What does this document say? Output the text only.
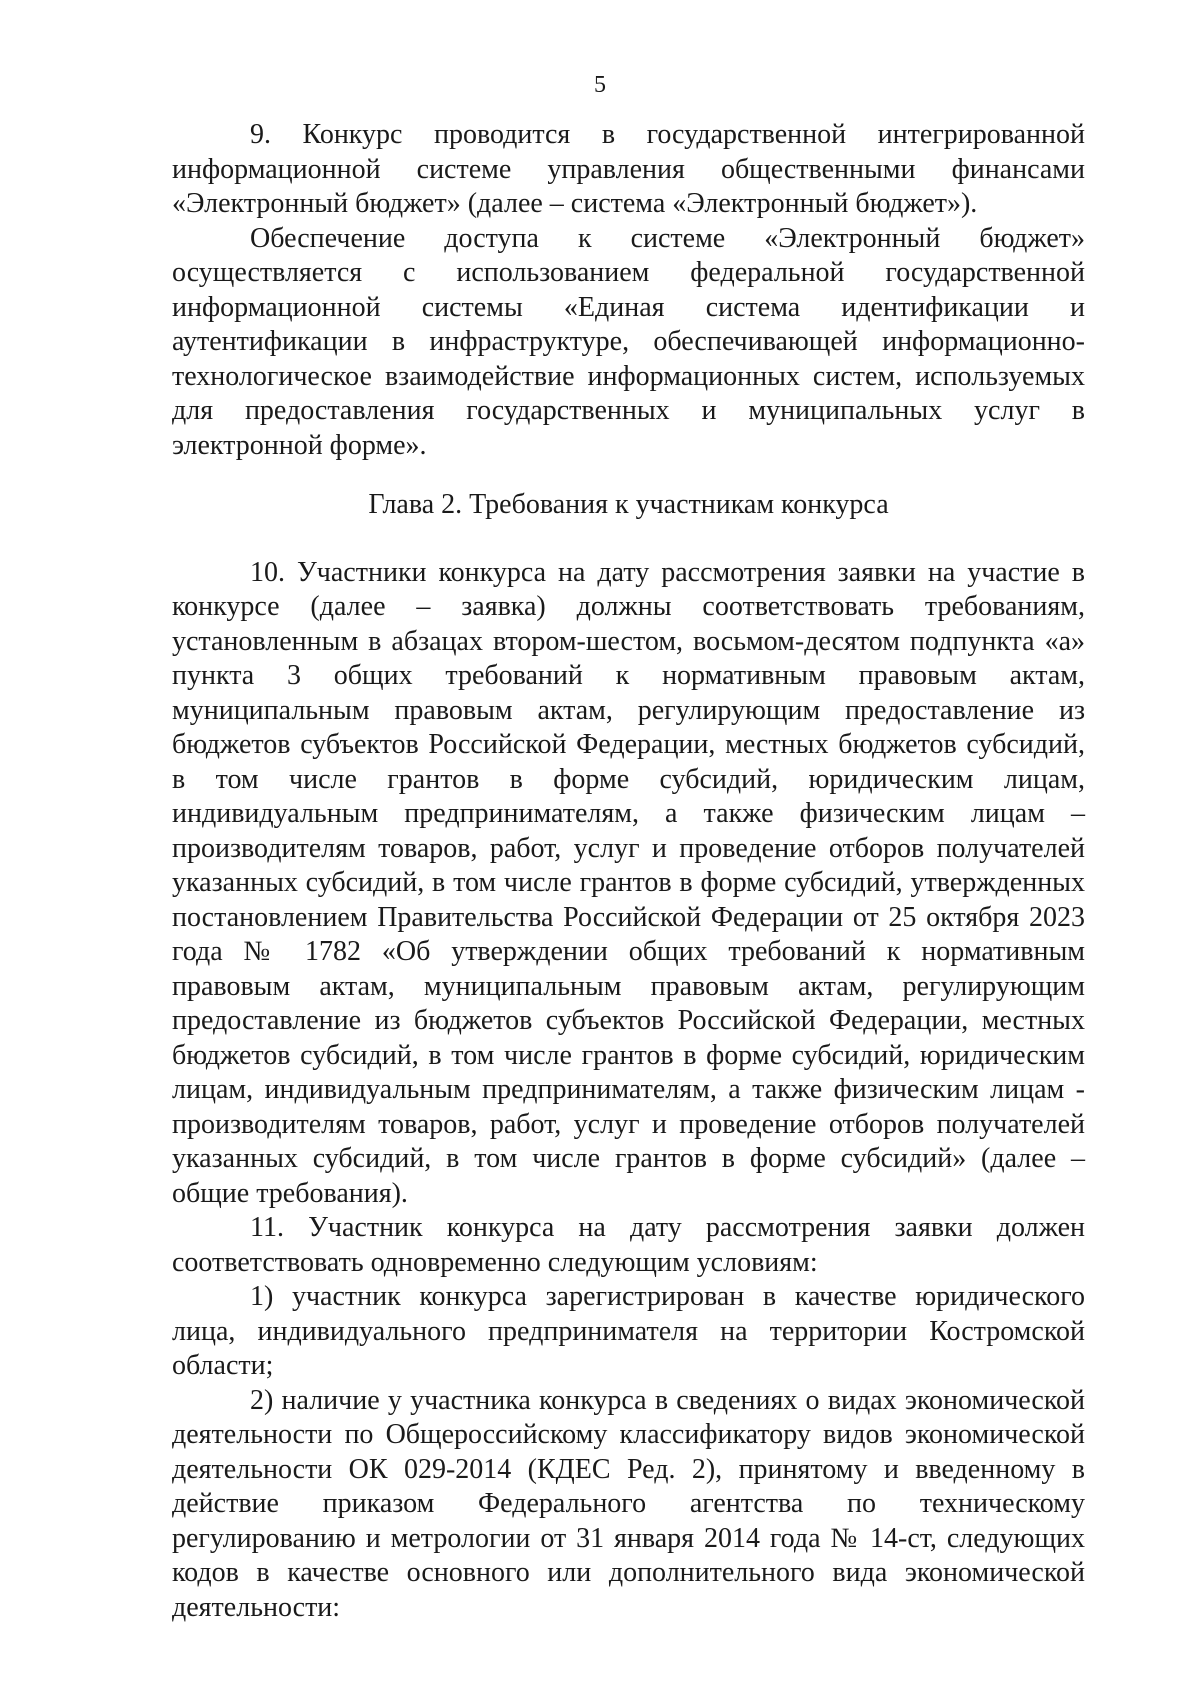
5

9. Конкурс проводится в государственной интегрированной информационной системе управления общественными финансами «Электронный бюджет» (далее – система «Электронный бюджет»).

Обеспечение доступа к системе «Электронный бюджет» осуществляется с использованием федеральной государственной информационной системы «Единая система идентификации и аутентификации в инфраструктуре, обеспечивающей информационно-технологическое взаимодействие информационных систем, используемых для предоставления государственных и муниципальных услуг в электронной форме».

Глава 2. Требования к участникам конкурса

10. Участники конкурса на дату рассмотрения заявки на участие в конкурсе (далее – заявка) должны соответствовать требованиям, установленным в абзацах втором-шестом, восьмом-десятом подпункта «а» пункта 3 общих требований к нормативным правовым актам, муниципальным правовым актам, регулирующим предоставление из бюджетов субъектов Российской Федерации, местных бюджетов субсидий, в том числе грантов в форме субсидий, юридическим лицам, индивидуальным предпринимателям, а также физическим лицам – производителям товаров, работ, услуг и проведение отборов получателей указанных субсидий, в том числе грантов в форме субсидий, утвержденных постановлением Правительства Российской Федерации от 25 октября 2023 года № 1782 «Об утверждении общих требований к нормативным правовым актам, муниципальным правовым актам, регулирующим предоставление из бюджетов субъектов Российской Федерации, местных бюджетов субсидий, в том числе грантов в форме субсидий, юридическим лицам, индивидуальным предпринимателям, а также физическим лицам - производителям товаров, работ, услуг и проведение отборов получателей указанных субсидий, в том числе грантов в форме субсидий» (далее – общие требования).

11. Участник конкурса на дату рассмотрения заявки должен соответствовать одновременно следующим условиям:

1) участник конкурса зарегистрирован в качестве юридического лица, индивидуального предпринимателя на территории Костромской области;

2) наличие у участника конкурса в сведениях о видах экономической деятельности по Общероссийскому классификатору видов экономической деятельности ОК 029-2014 (КДЕС Ред. 2), принятому и введенному в действие приказом Федерального агентства по техническому регулированию и метрологии от 31 января 2014 года № 14-ст, следующих кодов в качестве основного или дополнительного вида экономической деятельности:
